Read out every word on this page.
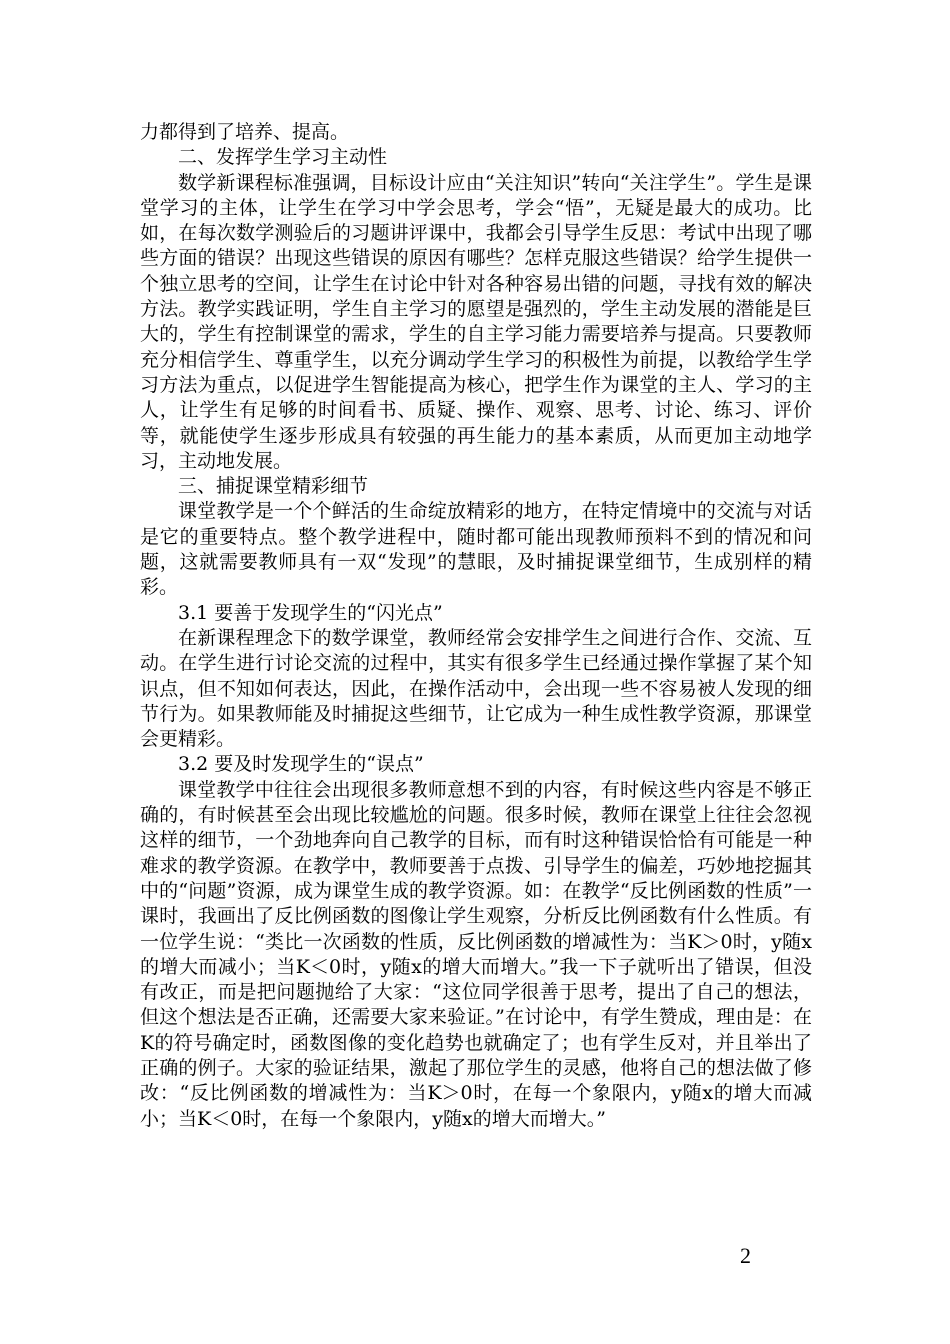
力都得到了培养、提高。

二、发挥学生学习主动性

数学新课程标准强调，目标设计应由“关注知识”转向“关注学生”。学生是课堂学习的主体，让学生在学习中学会思考，学会“悟”，无疑是最大的成功。比如，在每次数学测验后的习题讲评课中，我都会引导学生反思：考试中出现了哪些方面的错误？出现这些错误的原因有哪些？怎样克服这些错误？给学生提供一个独立思考的空间，让学生在讨论中针对各种容易出错的问题，寻找有效的解决方法。教学实践证明，学生自主学习的愿望是强烈的，学生主动发展的潜能是巨大的，学生有控制课堂的需求，学生的自主学习能力需要培养与提高。只要教师充分相信学生、尊重学生，以充分调动学生学习的积极性为前提，以教给学生学习方法为重点，以促进学生智能提高为核心，把学生作为课堂的主人、学习的主人，让学生有足够的时间看书、质疑、操作、观察、思考、讨论、练习、评价等，就能使学生逐步形成具有较强的再生能力的基本素质，从而更加主动地学习，主动地发展。

三、捕捉课堂精彩细节

课堂教学是一个个鲜活的生命绽放精彩的地方，在特定情境中的交流与对话是它的重要特点。整个教学进程中，随时都可能出现教师预料不到的情况和问题，这就需要教师具有一双“发现”的慧眼，及时捕捉课堂细节，生成别样的精彩。

3.1 要善于发现学生的“闪光点”

在新课程理念下的数学课堂，教师经常会安排学生之间进行合作、交流、互动。在学生进行讨论交流的过程中，其实有很多学生已经通过操作掌握了某个知识点，但不知如何表达，因此，在操作活动中，会出现一些不容易被人发现的细节行为。如果教师能及时捕捉这些细节，让它成为一种生成性教学资源，那课堂会更精彩。

3.2 要及时发现学生的“误点”

课堂教学中往往会出现很多教师意想不到的内容，有时候这些内容是不够正确的，有时候甚至会出现比较尴尬的问题。很多时候，教师在课堂上往往会忽视这样的细节，一个劲地奔向自己教学的目标，而有时这种错误恰恰有可能是一种难求的教学资源。在教学中，教师要善于点拨、引导学生的偏差，巧妙地挖掘其中的“问题”资源，成为课堂生成的教学资源。如：在教学“反比例函数的性质”一课时，我画出了反比例函数的图像让学生观察，分析反比例函数有什么性质。有一位学生说：“类比一次函数的性质，反比例函数的增减性为：当K＞0时，y随x的增大而减小；当K＜0时，y随x的增大而增大。”我一下子就听出了错误，但没有改正，而是把问题抛给了大家：“这位同学很善于思考，提出了自己的想法，但这个想法是否正确，还需要大家来验证。”在讨论中，有学生赞成，理由是：在K的符号确定时，函数图像的变化趋势也就确定了；也有学生反对，并且举出了正确的例子。大家的验证结果，激起了那位学生的灵感，他将自己的想法做了修改：“反比例函数的增减性为：当K＞0时，在每一个象限内，y随x的增大而减小；当K＜0时，在每一个象限内，y随x的增大而增大。”

2
